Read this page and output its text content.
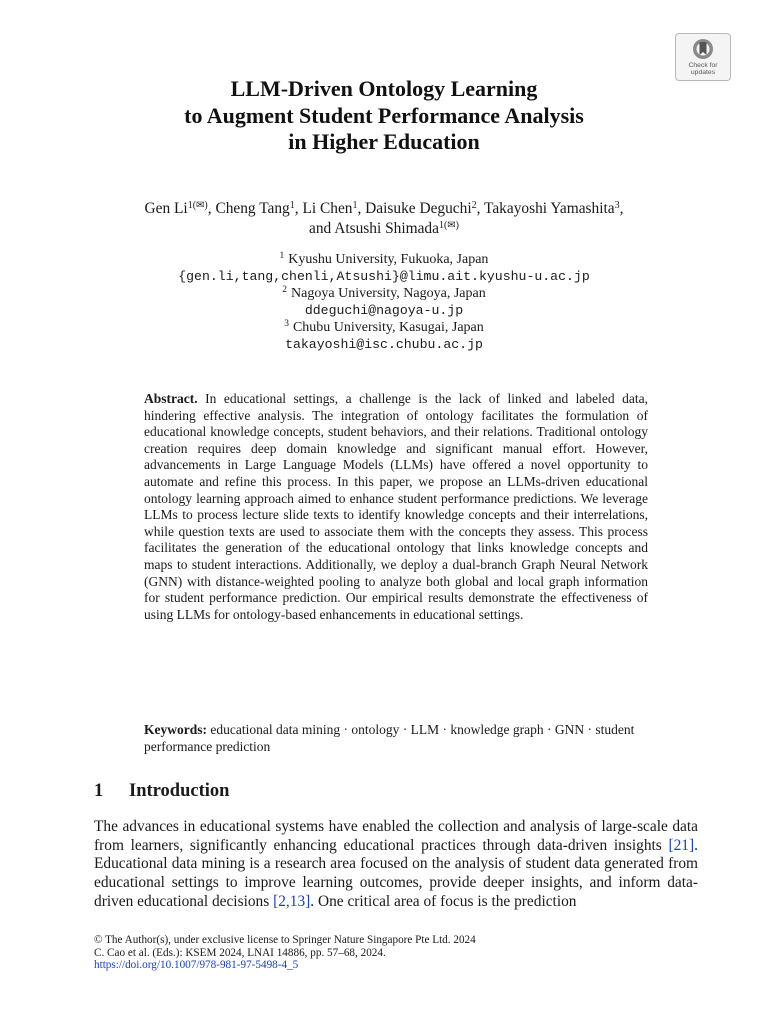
Check for
updates
LLM-Driven Ontology Learning
to Augment Student Performance Analysis
in Higher Education
Gen $Li^{1(✉)}$, Cheng Tang$^1$, Li Chen$^1$, Daisuke Deguchi$^2$, Takayoshi Yamashita$^3$,
and Atsushi Shimada$^{1(✉)}$
$^1$ Kyushu University, Fukuoka, Japan
{gen.li,tang,chenli,Atsushi}@limu.ait.kyushu-u.ac.jp
$^2$ Nagoya University, Nagoya, Japan
ddeguchi@nagoya-u.jp
$^3$ Chubu University, Kasugai, Japan
takayoshi@isc.chubu.ac.jp

Abstract. In educational settings, a challenge is the lack of linked and labeled data, hindering effective analysis. The integration of ontology facilitates the formulation of educational knowledge concepts, student behaviors, and their relations. Traditional ontology creation requires deep domain knowledge and significant manual effort. However, advancements in Large Language Models (LLMs) have offered a novel opportunity to automate and refine this process. In this paper, we propose an LLMs-driven educational ontology learning approach aimed to enhance student performance predictions. We leverage LLMs to process lecture slide texts to identify knowledge concepts and their interrelations, while question texts are used to associate them with the concepts they assess. This process facilitates the generation of the educational ontology that links knowledge concepts and maps to student interactions. Additionally, we deploy a dual-branch Graph Neural Network (GNN) with distance-weighted pooling to analyze both global and local graph information for student performance prediction. Our empirical results demonstrate the effectiveness of using LLMs for ontology-based enhancements in educational settings.

Keywords: educational data mining · ontology · LLM · knowledge graph · GNN · student performance prediction

1 Introduction

The advances in educational systems have enabled the collection and analysis of large-scale data from learners, significantly enhancing educational practices through data-driven insights [21]. Educational data mining is a research area focused on the analysis of student data generated from educational settings to improve learning outcomes, provide deeper insights, and inform data-driven educational decisions [2,13]. One critical area of focus is the prediction

© The Author(s), under exclusive license to Springer Nature Singapore Pte Ltd. 2024
C. Cao et al. (Eds.): KSEM 2024, LNAI 14886, pp. 57–68, 2024.
https://doi.org/10.1007/978-981-97-5498-4_5
